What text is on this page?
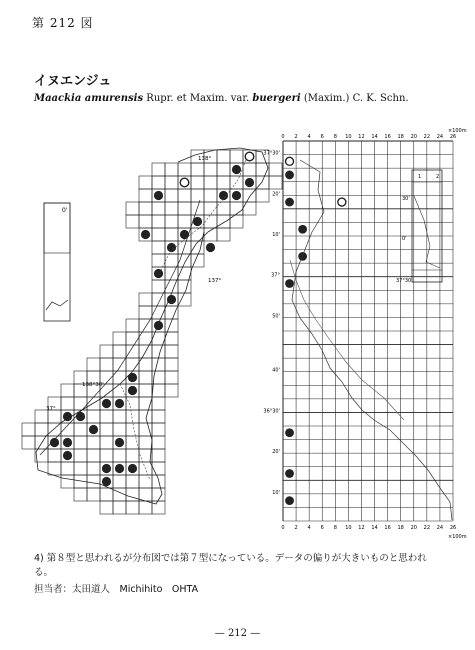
第 212 図
イヌエンジュ
Maackia amurensis Rupr. et Maxim. var. buergeri (Maxim.) C. K. Schn.
0'
138°
138°30'
137°
37°
0
0
2
2
4
4
6
6
8
8
10
10
12
12
14
14
16
16
18
18
20
20
22
22
24
24
26
26
37°30'
20'
10'
37°
50'
40'
36°30'
20'
10'
1	2
30'
0'
37°30'
×100m
×100m
4) 第８型と思われるが分布図では第７型になっている。データの偏りが大きいものと思われる。
担当者：太田道人　Michihito　OHTA
— 212 —
